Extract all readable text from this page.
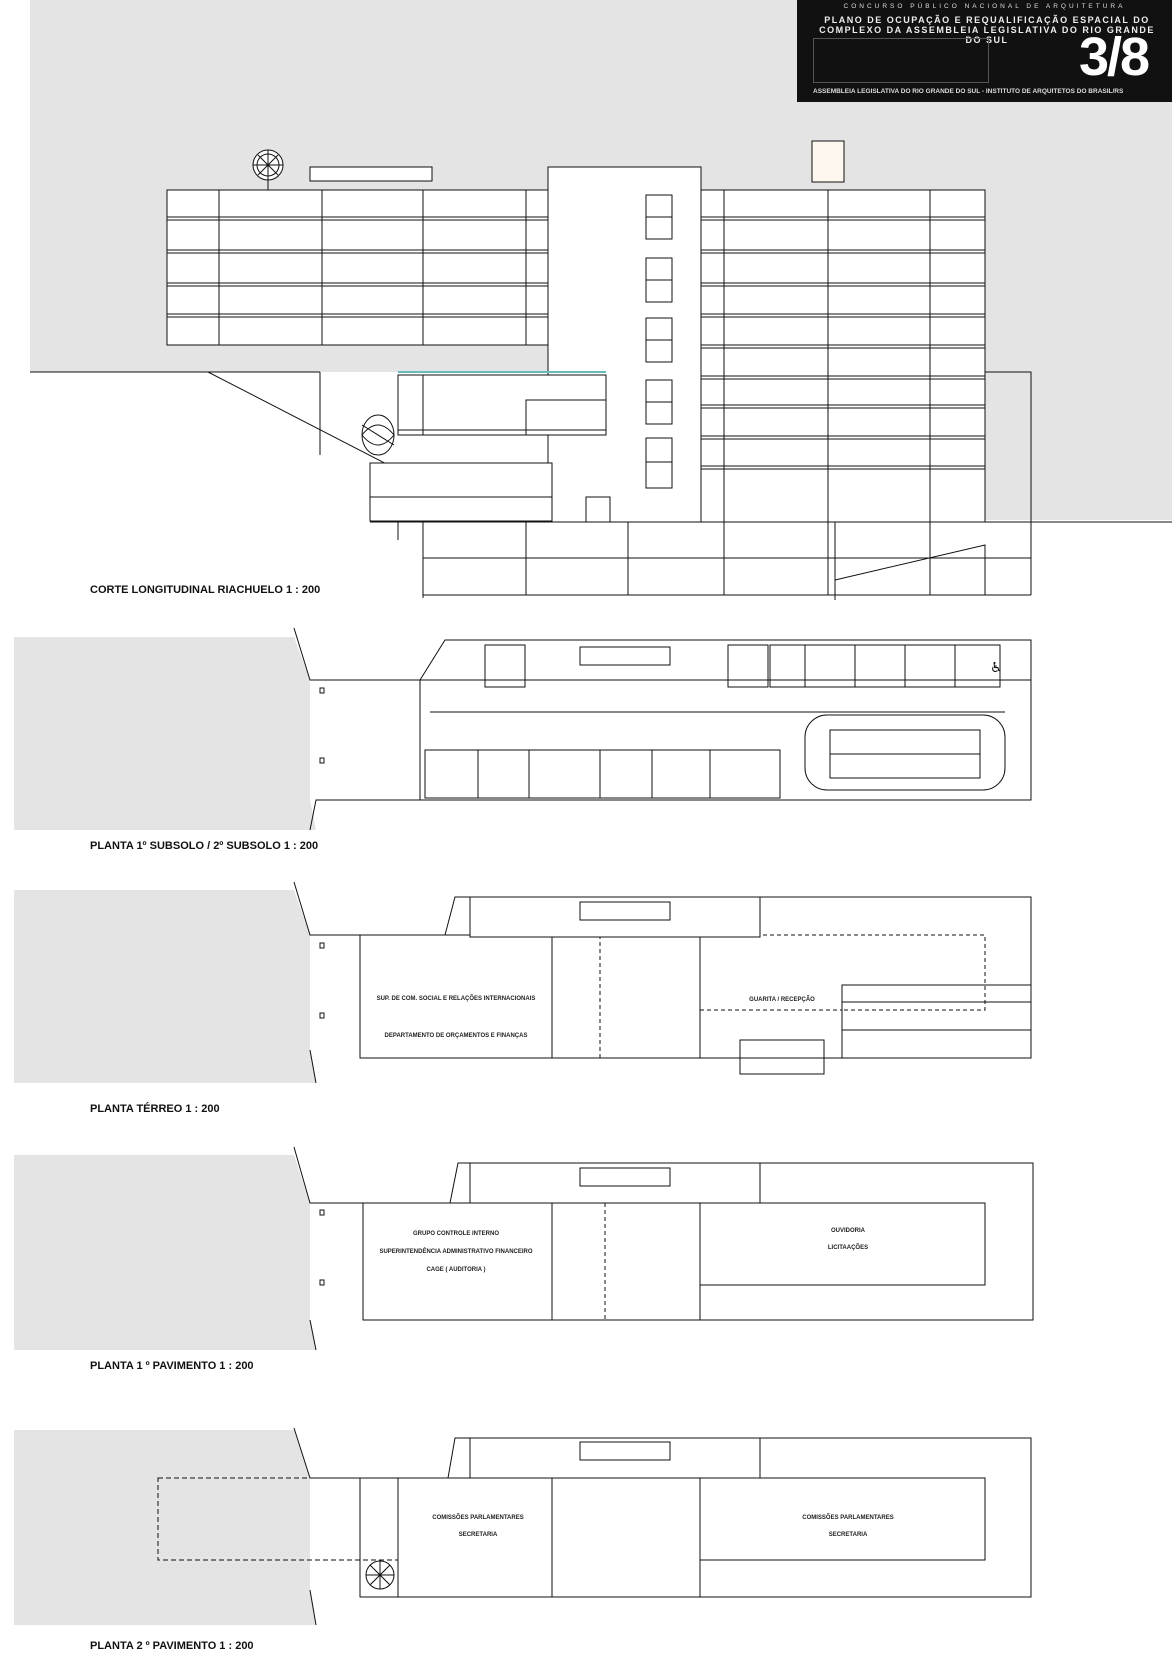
CONCURSO PÚBLICO NACIONAL DE ARQUITETURA
PLANO DE OCUPAÇÃO E REQUALIFICAÇÃO ESPACIAL DO
COMPLEXO DA ASSEMBLEIA LEGISLATIVA DO RIO GRANDE DO SUL	3/8
ASSEMBLEIA LEGISLATIVA DO RIO GRANDE DO SUL - INSTITUTO DE ARQUITETOS DO BRASIL/RS
♿
SUP. DE COM. SOCIAL E RELAÇÕES INTERNACIONAIS
DEPARTAMENTO DE ORÇAMENTOS E FINANÇAS
GUARITA / RECEPÇÃO
GRUPO CONTROLE INTERNO
SUPERINTENDÊNCIA ADMINISTRATIVO FINANCEIRO
CAGE ( AUDITORIA )
OUVIDORIA
LICITAAÇÕES
COMISSÕES PARLAMENTARES
SECRETARIA
COMISSÕES PARLAMENTARES
SECRETARIA
CORTE LONGITUDINAL RIACHUELO 1 : 200
PLANTA 1º SUBSOLO / 2º SUBSOLO 1 : 200
PLANTA TÉRREO 1 : 200
PLANTA 1 º PAVIMENTO 1 : 200
PLANTA 2 º PAVIMENTO 1 : 200
